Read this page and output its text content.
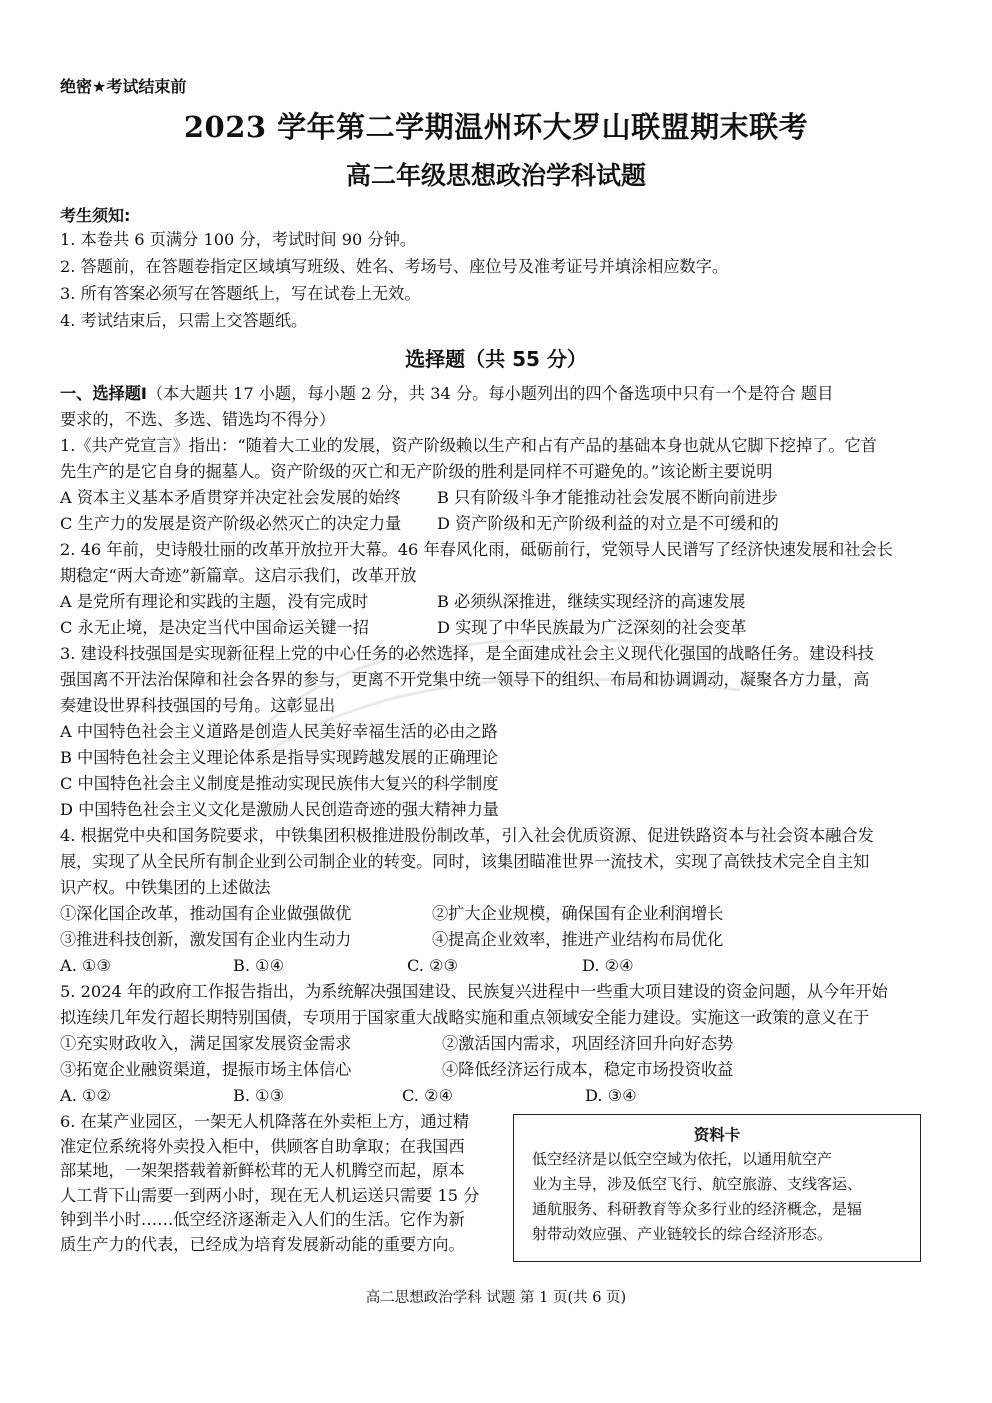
绝密★考试结束前
2023 学年第二学期温州环大罗山联盟期末联考
高二年级思想政治学科试题
考生须知:
1. 本卷共 6 页满分 100 分，考试时间 90 分钟。
2. 答题前，在答题卷指定区域填写班级、姓名、考场号、座位号及准考证号并填涂相应数字。
3. 所有答案必须写在答题纸上，写在试卷上无效。
4. 考试结束后，只需上交答题纸。
选择题（共 55 分）
一、选择题Ⅰ（本大题共 17 小题，每小题 2 分，共 34 分。每小题列出的四个备选项中只有一个是符合 题目
要求的，不选、多选、错选均不得分）
1.《共产党宣言》指出：“随着大工业的发展，资产阶级赖以生产和占有产品的基础本身也就从它脚下挖掉了。它首
先生产的是它自身的掘墓人。资产阶级的灭亡和无产阶级的胜利是同样不可避免的。”该论断主要说明
A 资本主义基本矛盾贯穿并决定社会发展的始终 B 只有阶级斗争才能推动社会发展不断向前进步
C 生产力的发展是资产阶级必然灭亡的决定力量 D 资产阶级和无产阶级利益的对立是不可缓和的
2. 46 年前，史诗般壮丽的改革开放拉开大幕。46 年春风化雨，砥砺前行，党领导人民谱写了经济快速发展和社会长
期稳定“两大奇迹”新篇章。这启示我们，改革开放
A 是党所有理论和实践的主题，没有完成时	B 必须纵深推进，继续实现经济的高速发展
C 永无止境，是决定当代中国命运关键一招	D 实现了中华民族最为广泛深刻的社会变革
3. 建设科技强国是实现新征程上党的中心任务的必然选择，是全面建成社会主义现代化强国的战略任务。建设科技
强国离不开法治保障和社会各界的参与，更离不开党集中统一领导下的组织、布局和协调调动，凝聚各方力量，高
奏建设世界科技强国的号角。这彰显出
A 中国特色社会主义道路是创造人民美好幸福生活的必由之路
B 中国特色社会主义理论体系是指导实现跨越发展的正确理论
C 中国特色社会主义制度是推动实现民族伟大复兴的科学制度
D 中国特色社会主义文化是激励人民创造奇迹的强大精神力量
4. 根据党中央和国务院要求，中铁集团积极推进股份制改革，引入社会优质资源、促进铁路资本与社会资本融合发
展，实现了从全民所有制企业到公司制企业的转变。同时，该集团瞄准世界一流技术，实现了高铁技术完全自主知
识产权。中铁集团的上述做法
①深化国企改革，推动国有企业做强做优	②扩大企业规模，确保国有企业利润增长
③推进科技创新，激发国有企业内生动力	④提高企业效率，推进产业结构布局优化
A. ①③	B. ①④	C. ②③	D. ②④
5. 2024 年的政府工作报告指出，为系统解决强国建设、民族复兴进程中一些重大项目建设的资金问题，从今年开始
拟连续几年发行超长期特别国债，专项用于国家重大战略实施和重点领域安全能力建设。实施这一政策的意义在于
①充实财政收入，满足国家发展资金需求	②激活国内需求，巩固经济回升向好态势
③拓宽企业融资渠道，提振市场主体信心	④降低经济运行成本，稳定市场投资收益
A. ①②	B. ①③	C. ②④	D. ③④
6. 在某产业园区，一架无人机降落在外卖柜上方，通过精
准定位系统将外卖投入柜中，供顾客自助拿取；在我国西
部某地，一架架搭载着新鲜松茸的无人机腾空而起，原本
人工背下山需要一到两小时，现在无人机运送只需要 15 分
钟到半小时……低空经济逐渐走入人们的生活。它作为新
质生产力的代表，已经成为培育发展新动能的重要方向。
资料卡
低空经济是以低空空域为依托，以通用航空产
业为主导，涉及低空飞行、航空旅游、支线客运、
通航服务、科研教育等众多行业的经济概念，是辐
射带动效应强、产业链较长的综合经济形态。
高二思想政治学科 试题 第 1 页(共 6 页)
